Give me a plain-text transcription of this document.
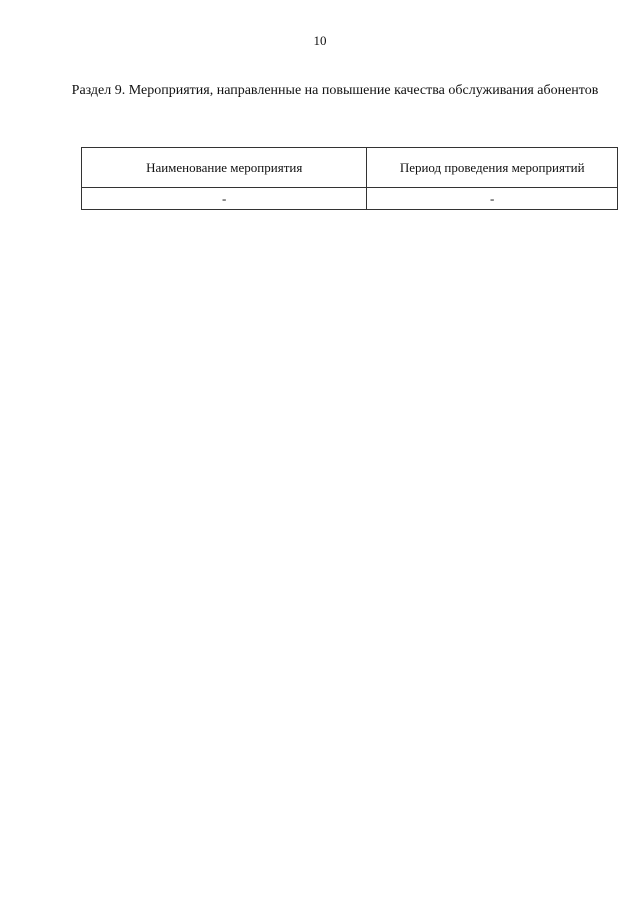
10
Раздел 9. Мероприятия, направленные на повышение качества обслуживания абонентов
Наименование мероприятия	Период проведения мероприятий
-	-
